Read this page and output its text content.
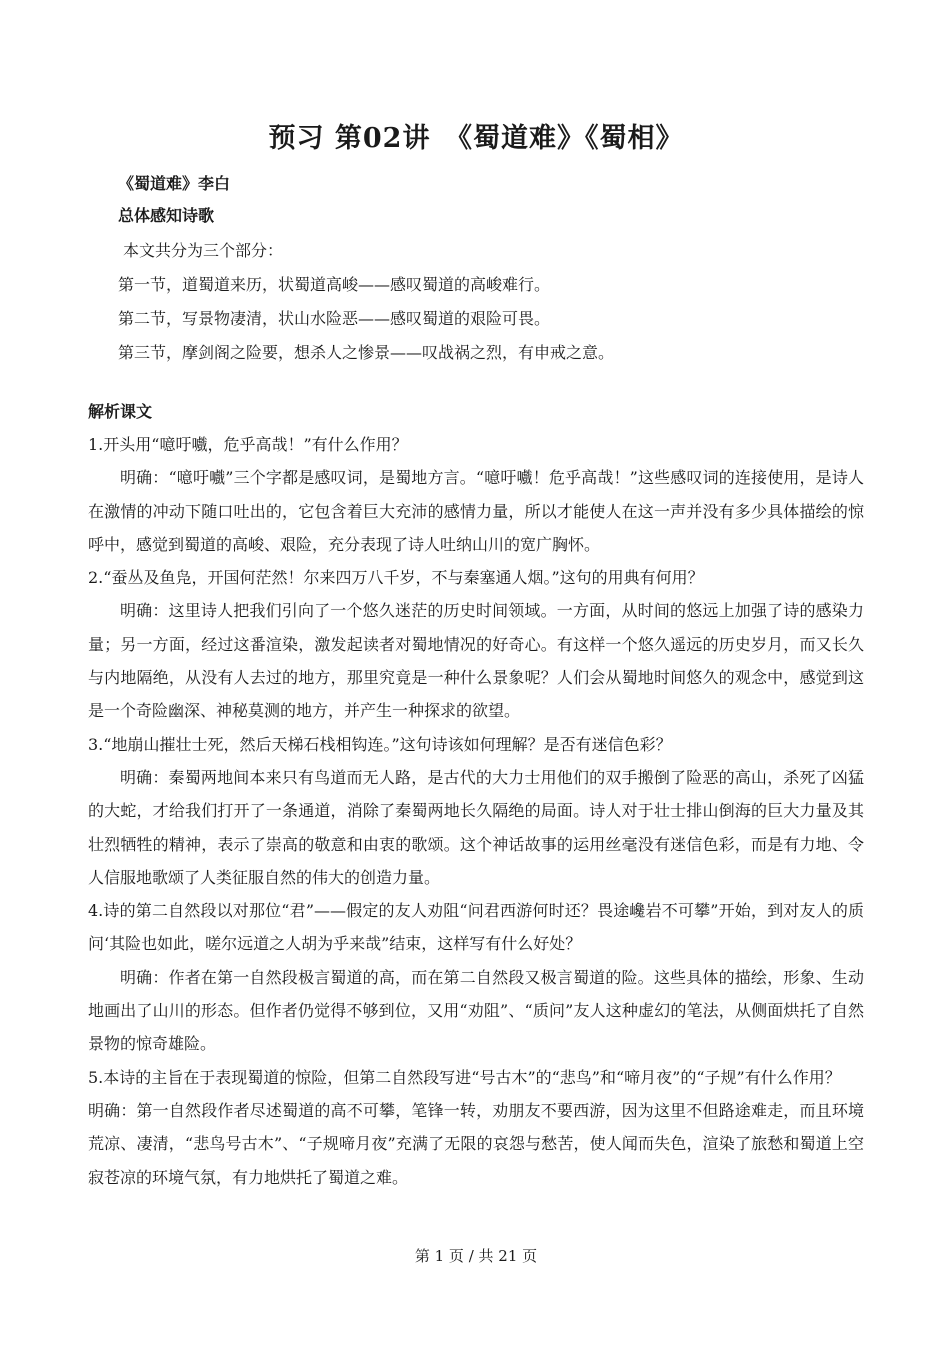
预习 第02讲　《蜀道难》《蜀相》
《蜀道难》李白
总体感知诗歌
本文共分为三个部分：
第一节，道蜀道来历，状蜀道高峻——感叹蜀道的高峻难行。
第二节，写景物凄清，状山水险恶——感叹蜀道的艰险可畏。
第三节，摩剑阁之险要，想杀人之惨景——叹战祸之烈，有申戒之意。
解析课文

1.开头用“噫吁嚱，危乎高哉！”有什么作用？

明确：“噫吁嚱”三个字都是感叹词，是蜀地方言。“噫吁嚱！危乎高哉！”这些感叹词的连接使用，是诗人在激情的冲动下随口吐出的，它包含着巨大充沛的感情力量，所以才能使人在这一声并没有多少具体描绘的惊呼中，感觉到蜀道的高峻、艰险，充分表现了诗人吐纳山川的宽广胸怀。

2.“蚕丛及鱼凫，开国何茫然！尔来四万八千岁，不与秦塞通人烟。”这句的用典有何用？

明确：这里诗人把我们引向了一个悠久迷茫的历史时间领域。一方面，从时间的悠远上加强了诗的感染力量；另一方面，经过这番渲染，激发起读者对蜀地情况的好奇心。有这样一个悠久遥远的历史岁月，而又长久与内地隔绝，从没有人去过的地方，那里究竟是一种什么景象呢？人们会从蜀地时间悠久的观念中，感觉到这是一个奇险幽深、神秘莫测的地方，并产生一种探求的欲望。

3.“地崩山摧壮士死，然后天梯石栈相钩连。”这句诗该如何理解？是否有迷信色彩？

明确：秦蜀两地间本来只有鸟道而无人路，是古代的大力士用他们的双手搬倒了险恶的高山，杀死了凶猛的大蛇，才给我们打开了一条通道，消除了秦蜀两地长久隔绝的局面。诗人对于壮士排山倒海的巨大力量及其壮烈牺牲的精神，表示了崇高的敬意和由衷的歌颂。这个神话故事的运用丝毫没有迷信色彩，而是有力地、令人信服地歌颂了人类征服自然的伟大的创造力量。

4.诗的第二自然段以对那位“君”——假定的友人劝阻“问君西游何时还？畏途巉岩不可攀”开始，到对友人的质问‘其险也如此，嗟尔远道之人胡为乎来哉”结束，这样写有什么好处？

明确：作者在第一自然段极言蜀道的高，而在第二自然段又极言蜀道的险。这些具体的描绘，形象、生动地画出了山川的形态。但作者仍觉得不够到位，又用“劝阻”、“质问”友人这种虚幻的笔法，从侧面烘托了自然景物的惊奇雄险。

5.本诗的主旨在于表现蜀道的惊险，但第二自然段写进“号古木”的“悲鸟”和“啼月夜”的“子规”有什么作用？

明确：第一自然段作者尽述蜀道的高不可攀，笔锋一转，劝朋友不要西游，因为这里不但路途难走，而且环境荒凉、凄清，“悲鸟号古木”、“子规啼月夜”充满了无限的哀怨与愁苦，使人闻而失色，渲染了旅愁和蜀道上空寂苍凉的环境气氛，有力地烘托了蜀道之难。

第 1 页 / 共 21 页
